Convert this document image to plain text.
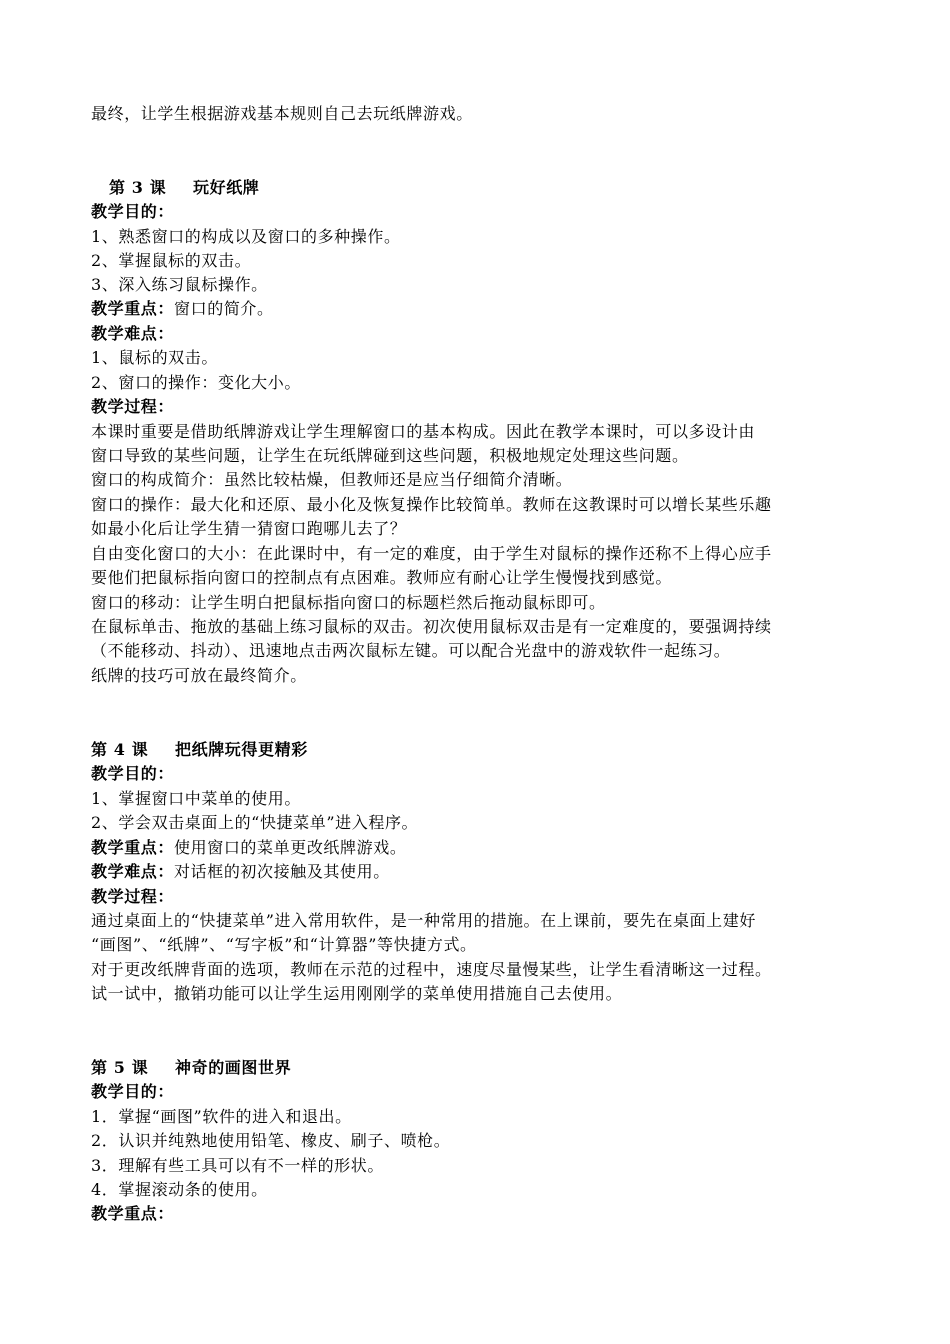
最终，让学生根据游戏基本规则自己去玩纸牌游戏。
第 3 课 玩好纸牌
教学目的：
1、熟悉窗口的构成以及窗口的多种操作。
2、掌握鼠标的双击。
3、深入练习鼠标操作。
教学重点：窗口的简介。
教学难点：
1、鼠标的双击。
2、窗口的操作：变化大小。
教学过程：
本课时重要是借助纸牌游戏让学生理解窗口的基本构成。因此在教学本课时，可以多设计由
窗口导致的某些问题，让学生在玩纸牌碰到这些问题，积极地规定处理这些问题。
窗口的构成简介：虽然比较枯燥，但教师还是应当仔细简介清晰。
窗口的操作：最大化和还原、最小化及恢复操作比较简单。教师在这教课时可以增长某些乐趣
如最小化后让学生猜一猜窗口跑哪儿去了？
自由变化窗口的大小：在此课时中，有一定的难度，由于学生对鼠标的操作还称不上得心应手
要他们把鼠标指向窗口的控制点有点困难。教师应有耐心让学生慢慢找到感觉。
窗口的移动：让学生明白把鼠标指向窗口的标题栏然后拖动鼠标即可。
在鼠标单击、拖放的基础上练习鼠标的双击。初次使用鼠标双击是有一定难度的，要强调持续
（不能移动、抖动）、迅速地点击两次鼠标左键。可以配合光盘中的游戏软件一起练习。
纸牌的技巧可放在最终简介。
第 4 课 把纸牌玩得更精彩
教学目的：
1、掌握窗口中菜单的使用。
2、学会双击桌面上的“快捷菜单”进入程序。
教学重点：使用窗口的菜单更改纸牌游戏。
教学难点：对话框的初次接触及其使用。
教学过程：
通过桌面上的“快捷菜单”进入常用软件，是一种常用的措施。在上课前，要先在桌面上建好
“画图”、“纸牌”、“写字板”和“计算器”等快捷方式。
对于更改纸牌背面的选项，教师在示范的过程中，速度尽量慢某些，让学生看清晰这一过程。
试一试中，撤销功能可以让学生运用刚刚学的菜单使用措施自己去使用。
第 5 课 神奇的画图世界
教学目的：
1．掌握“画图”软件的进入和退出。
2．认识并纯熟地使用铅笔、橡皮、刷子、喷枪。
3．理解有些工具可以有不一样的形状。
4．掌握滚动条的使用。
教学重点：
